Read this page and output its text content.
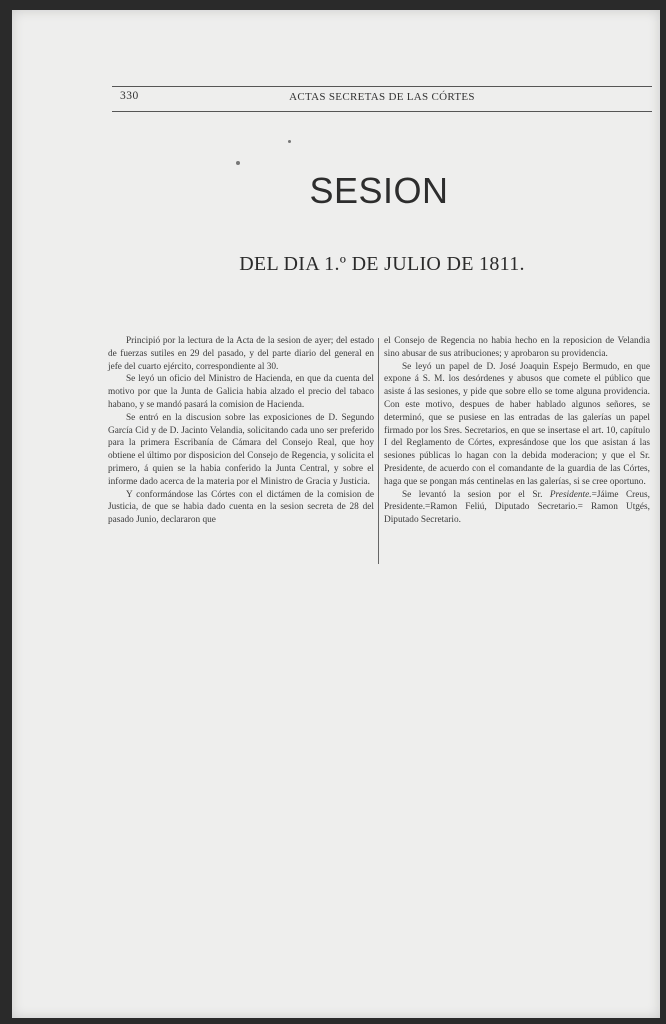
330	ACTAS SECRETAS DE LAS CÓRTES
SESION
DEL DIA 1.º DE JULIO DE 1811.

Principió por la lectura de la Acta de la sesion de ayer; del estado de fuerzas sutiles en 29 del pasado, y del parte diario del general en jefe del cuarto ejército, correspondiente al 30.

Se leyó un oficio del Ministro de Hacienda, en que da cuenta del motivo por que la Junta de Galicia habia alzado el precio del tabaco habano, y se mandó pasará la comision de Hacienda.

Se entró en la discusion sobre las exposiciones de D. Segundo García Cid y de D. Jacinto Velandia, solicitando cada uno ser preferido para la primera Escribanía de Cámara del Consejo Real, que hoy obtiene el último por disposicion del Consejo de Regencia, y solicita el primero, á quien se la habia conferido la Junta Central, y sobre el informe dado acerca de la materia por el Ministro de Gracia y Justicia.

Y conformándose las Córtes con el dictámen de la comision de Justicia, de que se habia dado cuenta en la sesion secreta de 28 del pasado Junio, declararon que

el Consejo de Regencia no habia hecho en la reposicion de Velandia sino abusar de sus atribuciones; y aprobaron su providencia.

Se leyó un papel de D. José Joaquin Espejo Bermudo, en que expone á S. M. los desórdenes y abusos que comete el público que asiste á las sesiones, y pide que sobre ello se tome alguna providencia. Con este motivo, despues de haber hablado algunos señores, se determinó, que se pusiese en las entradas de las galerías un papel firmado por los Sres. Secretarios, en que se insertase el art. 10, capítulo I del Reglamento de Córtes, expresándose que los que asistan á las sesiones públicas lo hagan con la debida moderacion; y que el Sr. Presidente, de acuerdo con el comandante de la guardia de las Córtes, haga que se pongan más centinelas en las galerías, si se cree oportuno.

Se levantó la sesion por el Sr. Presidente.=Jáime Creus, Presidente.=Ramon Feliú, Diputado Secretario.= Ramon Utgés, Diputado Secretario.
